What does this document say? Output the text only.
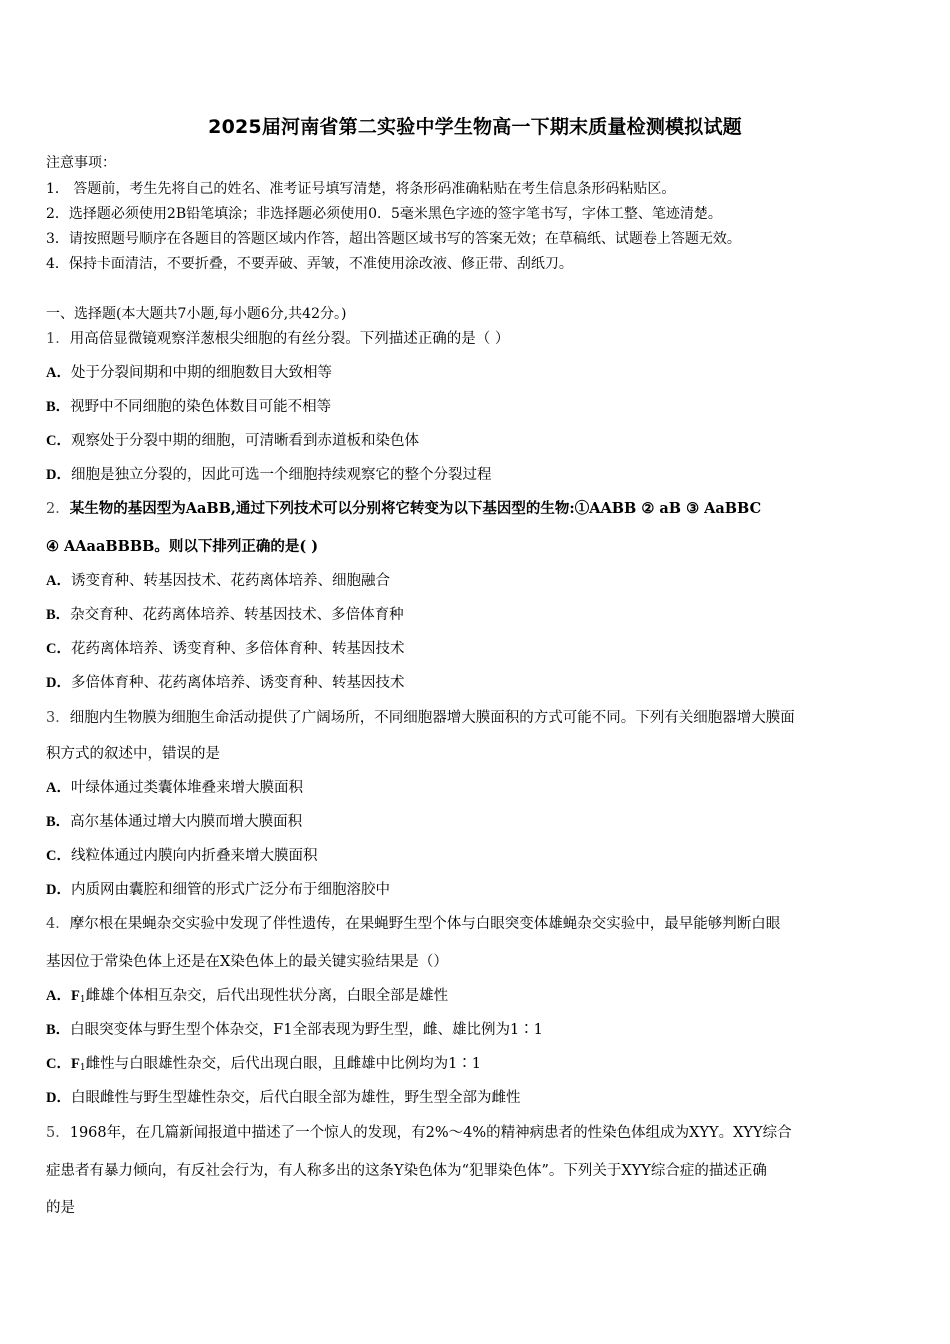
2025届河南省第二实验中学生物高一下期末质量检测模拟试题
注意事项：
1． 答题前，考生先将自己的姓名、准考证号填写清楚，将条形码准确粘贴在考生信息条形码粘贴区。
2．选择题必须使用2B铅笔填涂；非选择题必须使用0．5毫米黑色字迹的签字笔书写，字体工整、笔迹清楚。
3．请按照题号顺序在各题目的答题区域内作答，超出答题区域书写的答案无效；在草稿纸、试题卷上答题无效。
4．保持卡面清洁，不要折叠，不要弄破、弄皱，不准使用涂改液、修正带、刮纸刀。
一、选择题(本大题共7小题,每小题6分,共42分。)
1．用高倍显微镜观察洋葱根尖细胞的有丝分裂。下列描述正确的是（ ）
A．处于分裂间期和中期的细胞数目大致相等
B．视野中不同细胞的染色体数目可能不相等
C．观察处于分裂中期的细胞，可清晰看到赤道板和染色体
D．细胞是独立分裂的，因此可选一个细胞持续观察它的整个分裂过程
2．某生物的基因型为AaBB,通过下列技术可以分别将它转变为以下基因型的生物:①AABB ② aB ③ AaBBC
④ AAaaBBBB。则以下排列正确的是( )
A．诱变育种、转基因技术、花药离体培养、细胞融合
B．杂交育种、花药离体培养、转基因技术、多倍体育种
C．花药离体培养、诱变育种、多倍体育种、转基因技术
D．多倍体育种、花药离体培养、诱变育种、转基因技术
3．细胞内生物膜为细胞生命活动提供了广阔场所，不同细胞器增大膜面积的方式可能不同。下列有关细胞器增大膜面
积方式的叙述中，错误的是
A．叶绿体通过类囊体堆叠来增大膜面积
B．高尔基体通过增大内膜而增大膜面积
C．线粒体通过内膜向内折叠来增大膜面积
D．内质网由囊腔和细管的形式广泛分布于细胞溶胶中
4．摩尔根在果蝇杂交实验中发现了伴性遗传，在果蝇野生型个体与白眼突变体雄蝇杂交实验中，最早能够判断白眼
基因位于常染色体上还是在X染色体上的最关键实验结果是（）
A．$F_1$雌雄个体相互杂交，后代出现性状分离，白眼全部是雄性
B．白眼突变体与野生型个体杂交，F1全部表现为野生型，雌、雄比例为1∶1
C．$F_1$雌性与白眼雄性杂交，后代出现白眼，且雌雄中比例均为1∶1
D．白眼雌性与野生型雄性杂交，后代白眼全部为雄性，野生型全部为雌性
5．1968年，在几篇新闻报道中描述了一个惊人的发现，有2%～4%的精神病患者的性染色体组成为XYY。XYY综合
症患者有暴力倾向，有反社会行为，有人称多出的这条Y染色体为“犯罪染色体”。下列关于XYY综合症的描述正确
的是
